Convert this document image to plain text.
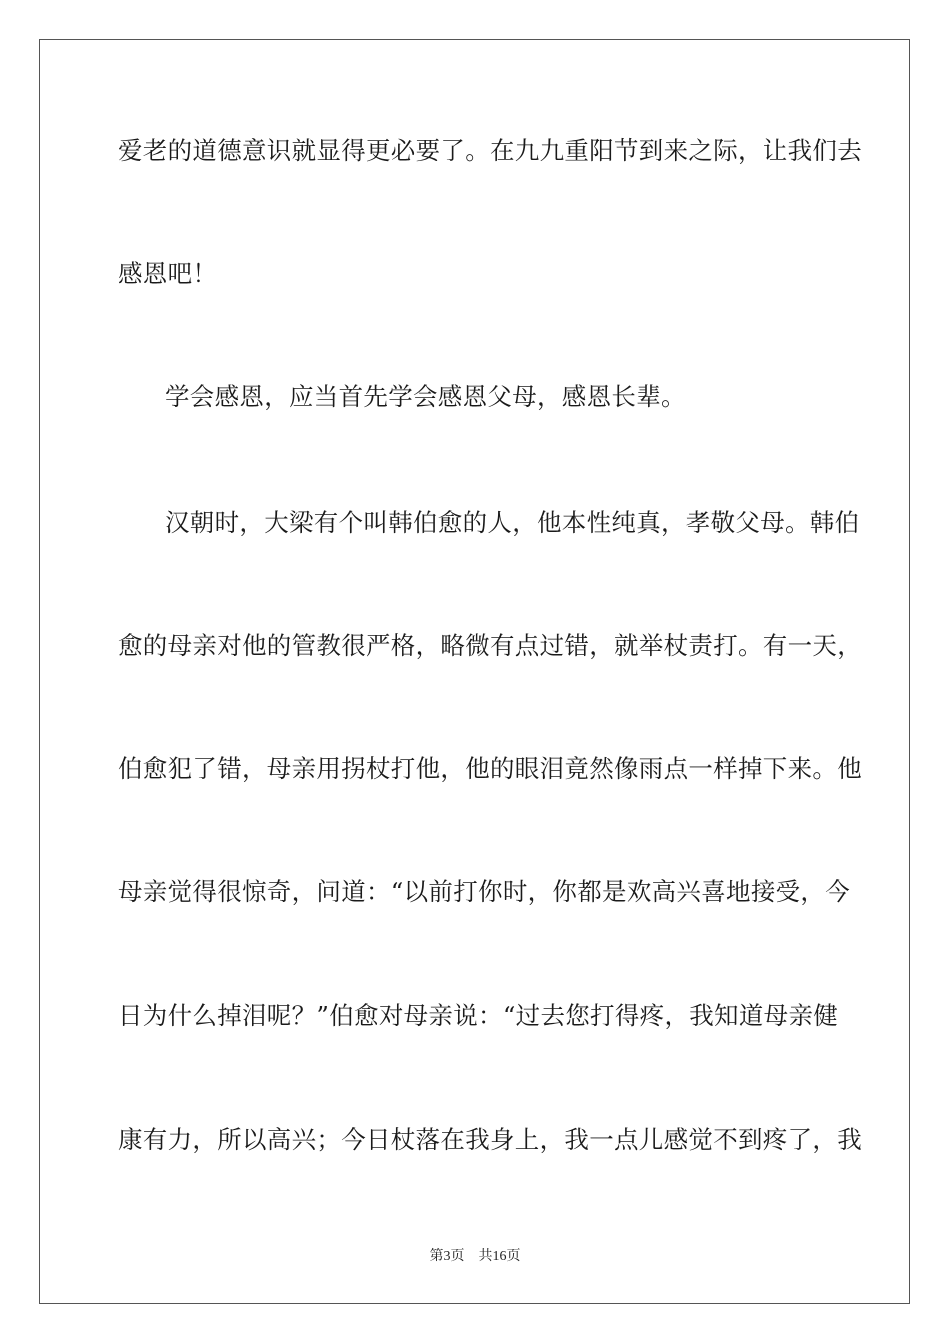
爱老的道德意识就显得更必要了。在九九重阳节到来之际，让我们去
感恩吧！
学会感恩，应当首先学会感恩父母，感恩长辈。
汉朝时，大梁有个叫韩伯愈的人，他本性纯真，孝敬父母。韩伯
愈的母亲对他的管教很严格，略微有点过错，就举杖责打。有一天，
伯愈犯了错，母亲用拐杖打他，他的眼泪竟然像雨点一样掉下来。他
母亲觉得很惊奇，问道：“以前打你时，你都是欢高兴喜地接受，今
日为什么掉泪呢？”伯愈对母亲说：“过去您打得疼，我知道母亲健
康有力，所以高兴；今日杖落在我身上，我一点儿感觉不到疼了，我
第3页 共16页
